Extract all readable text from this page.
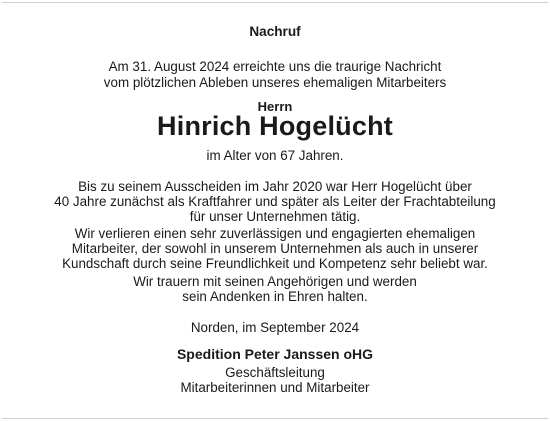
Nachruf
Am 31. August 2024 erreichte uns die traurige Nachricht
vom plötzlichen Ableben unseres ehemaligen Mitarbeiters
Herrn
Hinrich Hogelücht
im Alter von 67 Jahren.
Bis zu seinem Ausscheiden im Jahr 2020 war Herr Hogelücht über
40 Jahre zunächst als Kraftfahrer und später als Leiter der Frachtabteilung
für unser Unternehmen tätig.
Wir verlieren einen sehr zuverlässigen und engagierten ehemaligen
Mitarbeiter, der sowohl in unserem Unternehmen als auch in unserer
Kundschaft durch seine Freundlichkeit und Kompetenz sehr beliebt war.
Wir trauern mit seinen Angehörigen und werden
sein Andenken in Ehren halten.
Norden, im September 2024
Spedition Peter Janssen oHG
Geschäftsleitung
Mitarbeiterinnen und Mitarbeiter
